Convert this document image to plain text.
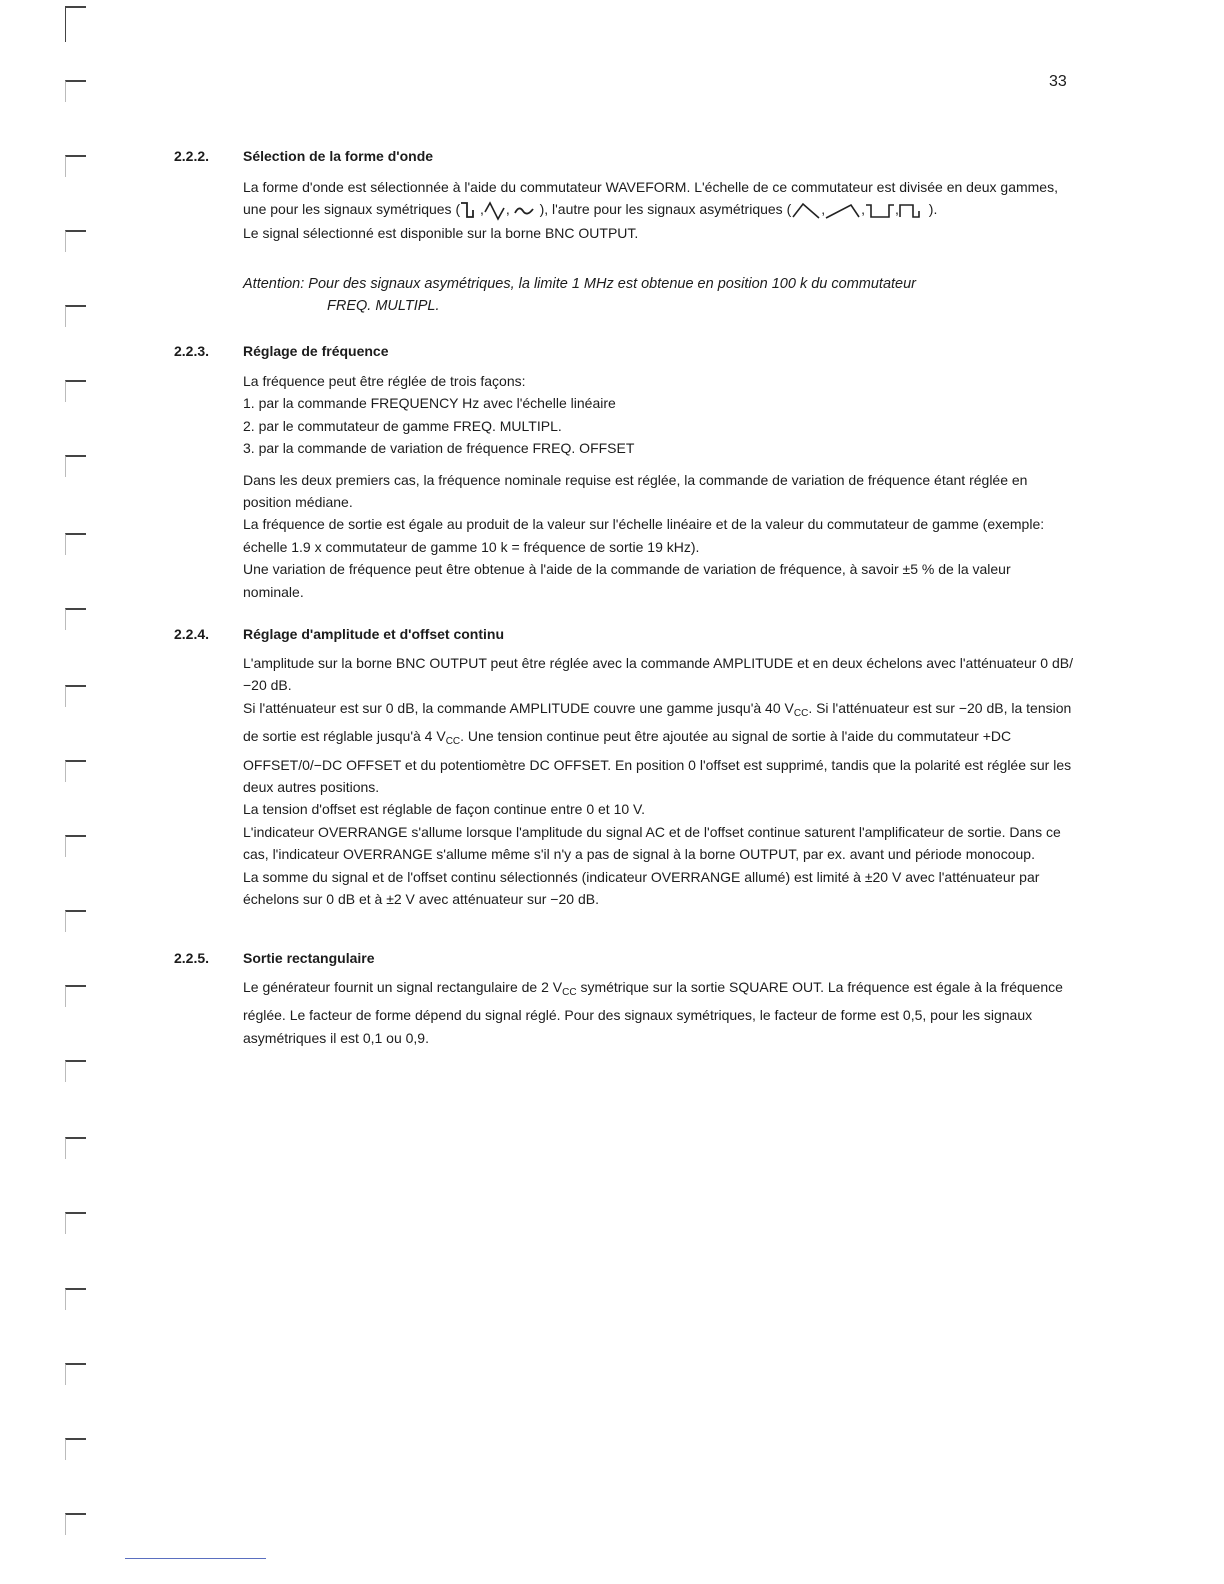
33
2.2.2. Sélection de la forme d'onde

La forme d'onde est sélectionnée à l'aide du commutateur WAVEFORM. L'échelle de ce commutateur est divisée en deux gammes, une pour les signaux symétriques ( , , ), l'autre pour les signaux asymétriques ( ,	, , ).

Le signal sélectionné est disponible sur la borne BNC OUTPUT.

Attention: Pour des signaux asymétriques, la limite 1 MHz est obtenue en position 100 k du commutateur
FREQ. MULTIPL.
2.2.3. Réglage de fréquence

La fréquence peut être réglée de trois façons:

1. par la commande FREQUENCY Hz avec l'échelle linéaire

2. par le commutateur de gamme FREQ. MULTIPL.

3. par la commande de variation de fréquence FREQ. OFFSET

Dans les deux premiers cas, la fréquence nominale requise est réglée, la commande de variation de fréquence étant réglée en position médiane.

La fréquence de sortie est égale au produit de la valeur sur l'échelle linéaire et de la valeur du commutateur de gamme (exemple: échelle 1.9 x commutateur de gamme 10 k = fréquence de sortie 19 kHz).

Une variation de fréquence peut être obtenue à l'aide de la commande de variation de fréquence, à savoir ±5 % de la valeur nominale.

2.2.4. Réglage d'amplitude et d'offset continu

L'amplitude sur la borne BNC OUTPUT peut être réglée avec la commande AMPLITUDE et en deux échelons avec l'atténuateur 0 dB/−20 dB.

Si l'atténuateur est sur 0 dB, la commande AMPLITUDE couvre une gamme jusqu'à 40 $V_{CC}$. Si l'atténuateur est sur −20 dB, la tension de sortie est réglable jusqu'à 4 $V_{CC}$. Une tension continue peut être ajoutée au signal de sortie à l'aide du commutateur +DC OFFSET/0/−DC OFFSET et du potentiomètre DC OFFSET. En position 0 l'offset est supprimé, tandis que la polarité est réglée sur les deux autres positions.

La tension d'offset est réglable de façon continue entre 0 et 10 V.

L'indicateur OVERRANGE s'allume lorsque l'amplitude du signal AC et de l'offset continue saturent l'amplificateur de sortie. Dans ce cas, l'indicateur OVERRANGE s'allume même s'il n'y a pas de signal à la borne OUTPUT, par ex. avant und période monocoup.

La somme du signal et de l'offset continu sélectionnés (indicateur OVERRANGE allumé) est limité à ±20 V avec l'atténuateur par échelons sur 0 dB et à ±2 V avec atténuateur sur −20 dB.

2.2.5. Sortie rectangulaire

Le générateur fournit un signal rectangulaire de 2 $V_{CC}$ symétrique sur la sortie SQUARE OUT. La fréquence est égale à la fréquence réglée. Le facteur de forme dépend du signal réglé. Pour des signaux symétriques, le facteur de forme est 0,5, pour les signaux asymétriques il est 0,1 ou 0,9.
